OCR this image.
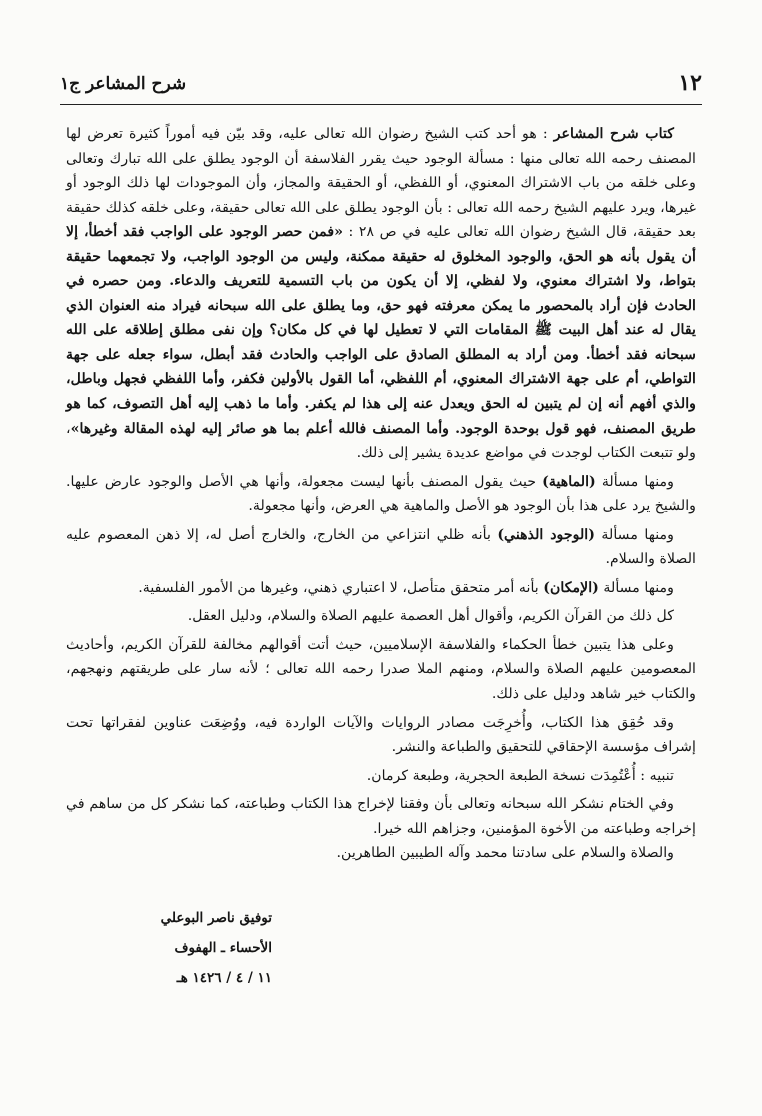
١٢
شرح المشاعر ج١

كتاب شرح المشاعر : هو أحد كتب الشيخ رضوان الله تعالى عليه، وقد بيّن فيه أموراً كثيرة تعرض لها المصنف رحمه الله تعالى منها : مسألة الوجود حيث يقرر الفلاسفة أن الوجود يطلق على الله تبارك وتعالى وعلى خلقه من باب الاشتراك المعنوي، أو اللفظي، أو الحقيقة والمجاز، وأن الموجودات لها ذلك الوجود أو غيرها، ويرد عليهم الشيخ رحمه الله تعالى : بأن الوجود يطلق على الله تعالى حقيقة، وعلى خلقه كذلك حقيقة بعد حقيقة، قال الشيخ رضوان الله تعالى عليه في ص ٢٨ : «فمن حصر الوجود على الواجب فقد أخطأ، إلا أن يقول بأنه هو الحق، والوجود المخلوق له حقيقة ممكنة، وليس من الوجود الواجب، ولا تجمعهما حقيقة بتواط، ولا اشتراك معنوي، ولا لفظي، إلا أن يكون من باب التسمية للتعريف والدعاء. ومن حصره في الحادث فإن أراد بالمحصور ما يمكن معرفته فهو حق، وما يطلق على الله سبحانه فيراد منه العنوان الذي يقال له عند أهل البيت ﷺ المقامات التي لا تعطيل لها في كل مكان؟ وإن نفى مطلق إطلاقه على الله سبحانه فقد أخطأ. ومن أراد به المطلق الصادق على الواجب والحادث فقد أبطل، سواء جعله على جهة التواطي، أم على جهة الاشتراك المعنوي، أم اللفظي، أما القول بالأولين فكفر، وأما اللفظي فجهل وباطل، والذي أفهم أنه إن لم يتبين له الحق ويعدل عنه إلى هذا لم يكفر. وأما ما ذهب إليه أهل التصوف، كما هو طريق المصنف، فهو قول بوحدة الوجود. وأما المصنف فالله أعلم بما هو صائر إليه لهذه المقالة وغيرها»، ولو تتبعت الكتاب لوجدت في مواضع عديدة يشير إلى ذلك.

ومنها مسألة (الماهية) حيث يقول المصنف بأنها ليست مجعولة، وأنها هي الأصل والوجود عارض عليها. والشيخ يرد على هذا بأن الوجود هو الأصل والماهية هي العرض، وأنها مجعولة.

ومنها مسألة (الوجود الذهني) بأنه ظلي انتزاعي من الخارج، والخارج أصل له، إلا ذهن المعصوم عليه الصلاة والسلام.

ومنها مسألة (الإمكان) بأنه أمر متحقق متأصل، لا اعتباري ذهني، وغيرها من الأمور الفلسفية.

كل ذلك من القرآن الكريم، وأقوال أهل العصمة عليهم الصلاة والسلام، ودليل العقل.

وعلى هذا يتبين خطأ الحكماء والفلاسفة الإسلاميين، حيث أتت أقوالهم مخالفة للقرآن الكريم، وأحاديث المعصومين عليهم الصلاة والسلام، ومنهم الملا صدرا رحمه الله تعالى ؛ لأنه سار على طريقتهم ونهجهم، والكتاب خير شاهد ودليل على ذلك.

وقد حُقِق هذا الكتاب، وأُخرِجَت مصادر الروايات والآيات الواردة فيه، ووُضِعَت عناوين لفقراتها تحت إشراف مؤسسة الإحقاقي للتحقيق والطباعة والنشر.

تنبيه : أُعْتُمِدَت نسخة الطبعة الحجرية، وطبعة كرمان.

وفي الختام نشكر الله سبحانه وتعالى بأن وفقنا لإخراج هذا الكتاب وطباعته، كما نشكر كل من ساهم في إخراجه وطباعته من الأخوة المؤمنين، وجزاهم الله خيرا.

والصلاة والسلام على سادتنا محمد وآله الطيبين الطاهرين.

توفيق ناصر البوعلي
الأحساء ـ الهفوف
١١ / ٤ / ١٤٢٦ هـ
